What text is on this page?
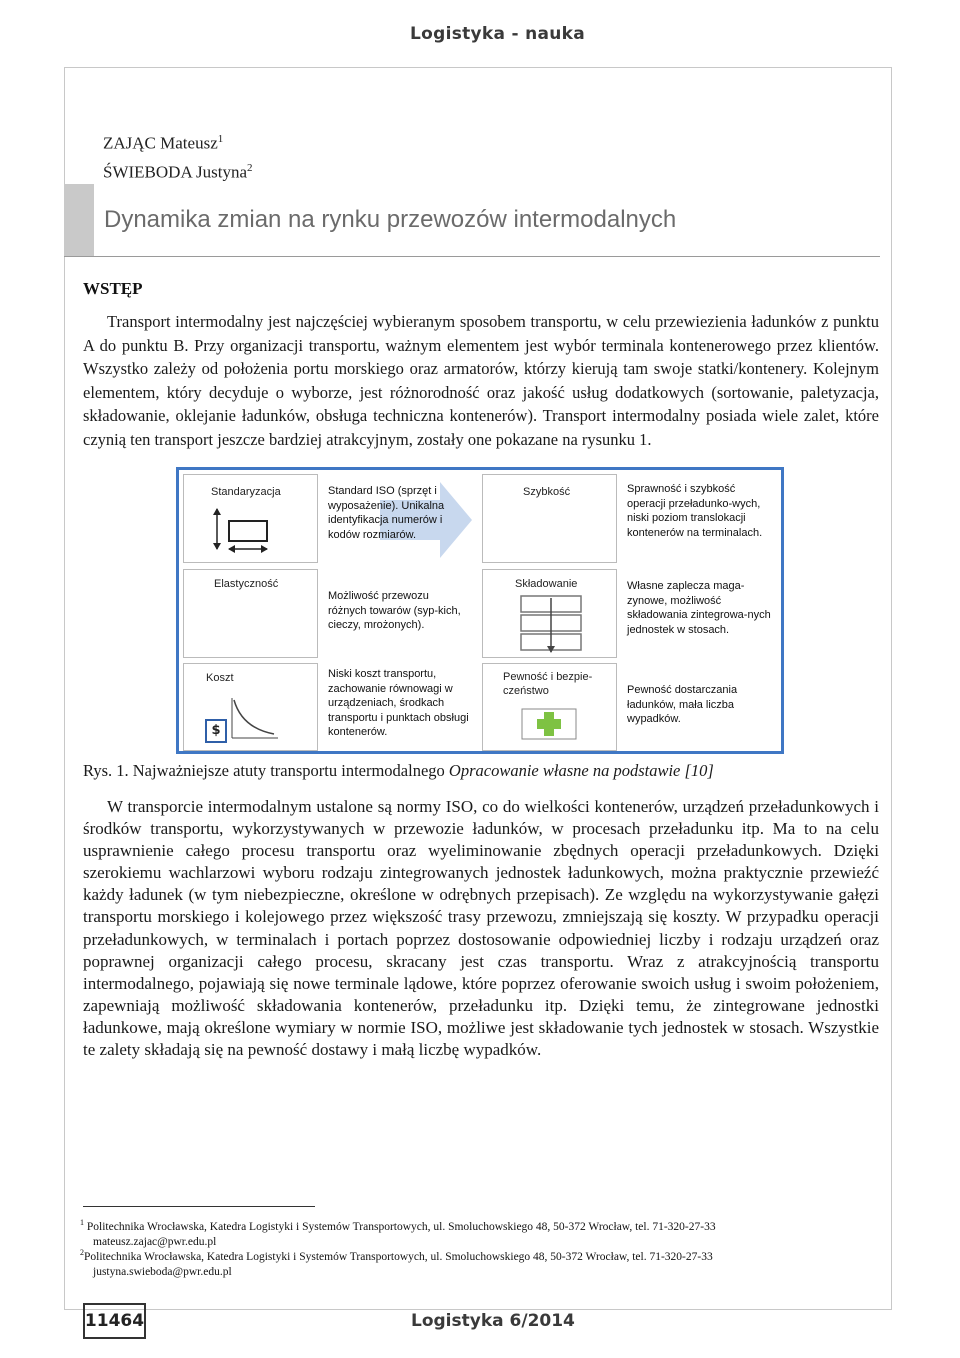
Logistyka - nauka
ZAJĄC Mateusz$^1$
ŚWIEBODA Justyna$^2$
Dynamika zmian na rynku przewozów intermodalnych
WSTĘP
Transport intermodalny jest najczęściej wybieranym sposobem transportu, w celu przewiezienia ładunków z punktu A do punktu B. Przy organizacji transportu, ważnym elementem jest wybór terminala kontenerowego przez klientów. Wszystko zależy od położenia portu morskiego oraz armatorów, którzy kierują tam swoje statki/kontenery. Kolejnym elementem, który decyduje o wyborze, jest różnorodność oraz jakość usług dodatkowych (sortowanie, paletyzacja, składowanie, oklejanie ładunków, obsługa techniczna kontenerów). Transport intermodalny posiada wiele zalet, które czynią ten transport jeszcze bardziej atrakcyjnym, zostały one pokazane na rysunku 1.
Standaryzacja	Standard ISO (sprzęt i wyposażenie). Unikalna identyfikacja numerów i kodów rozmiarów.
Szybkość	Sprawność i szybkość operacji przeładunko-wych, niski poziom translokacji kontenerów na terminalach.
Elastyczność
Możliwość przewozu różnych towarów (syp-kich, cieczy, mrożonych).
Składowanie	Własne zaplecza maga-zynowe, możliwość składowania zintegrowa-nych jednostek w stosach.
Koszt
$
Niski koszt transportu, zachowanie równowagi w urządzeniach, środkach transportu i punktach obsługi kontenerów.
Pewność i bezpie-czeństwo	Pewność dostarczania ładunków, mała liczba wypadków.
Rys. 1. Najważniejsze atuty transportu intermodalnego Opracowanie własne na podstawie [10]
W transporcie intermodalnym ustalone są normy ISO, co do wielkości kontenerów, urządzeń przeładunkowych i środków transportu, wykorzystywanych w przewozie ładunków, w procesach przeładunku itp. Ma to na celu usprawnienie całego procesu transportu oraz wyeliminowanie zbędnych operacji przeładunkowych. Dzięki szerokiemu wachlarzowi wyboru rodzaju zintegrowanych jednostek ładunkowych, można praktycznie przewieźć każdy ładunek (w tym niebezpieczne, określone w odrębnych przepisach). Ze względu na wykorzystywanie gałęzi transportu morskiego i kolejowego przez większość trasy przewozu, zmniejszają się koszty. W przypadku operacji przeładunkowych, w terminalach i portach poprzez dostosowanie odpowiedniej liczby i rodzaju urządzeń oraz poprawnej organizacji całego procesu, skracany jest czas transportu. Wraz z atrakcyjnością transportu intermodalnego, pojawiają się nowe terminale lądowe, które poprzez oferowanie swoich usług i swoim położeniem, zapewniają możliwość składowania kontenerów, przeładunku itp. Dzięki temu, że zintegrowane jednostki ładunkowe, mają określone wymiary w normie ISO, możliwe jest składowanie tych jednostek w stosach. Wszystkie te zalety składają się na pewność dostawy i małą liczbę wypadków.
$^1$ Politechnika Wrocławska, Katedra Logistyki i Systemów Transportowych, ul. Smoluchowskiego 48, 50-372 Wrocław, tel. 71-320-27-33
mateusz.zajac@pwr.edu.pl
$^2$Politechnika Wrocławska, Katedra Logistyki i Systemów Transportowych, ul. Smoluchowskiego 48, 50-372 Wrocław, tel. 71-320-27-33
justyna.swieboda@pwr.edu.pl
11464	Logistyka 6/2014
